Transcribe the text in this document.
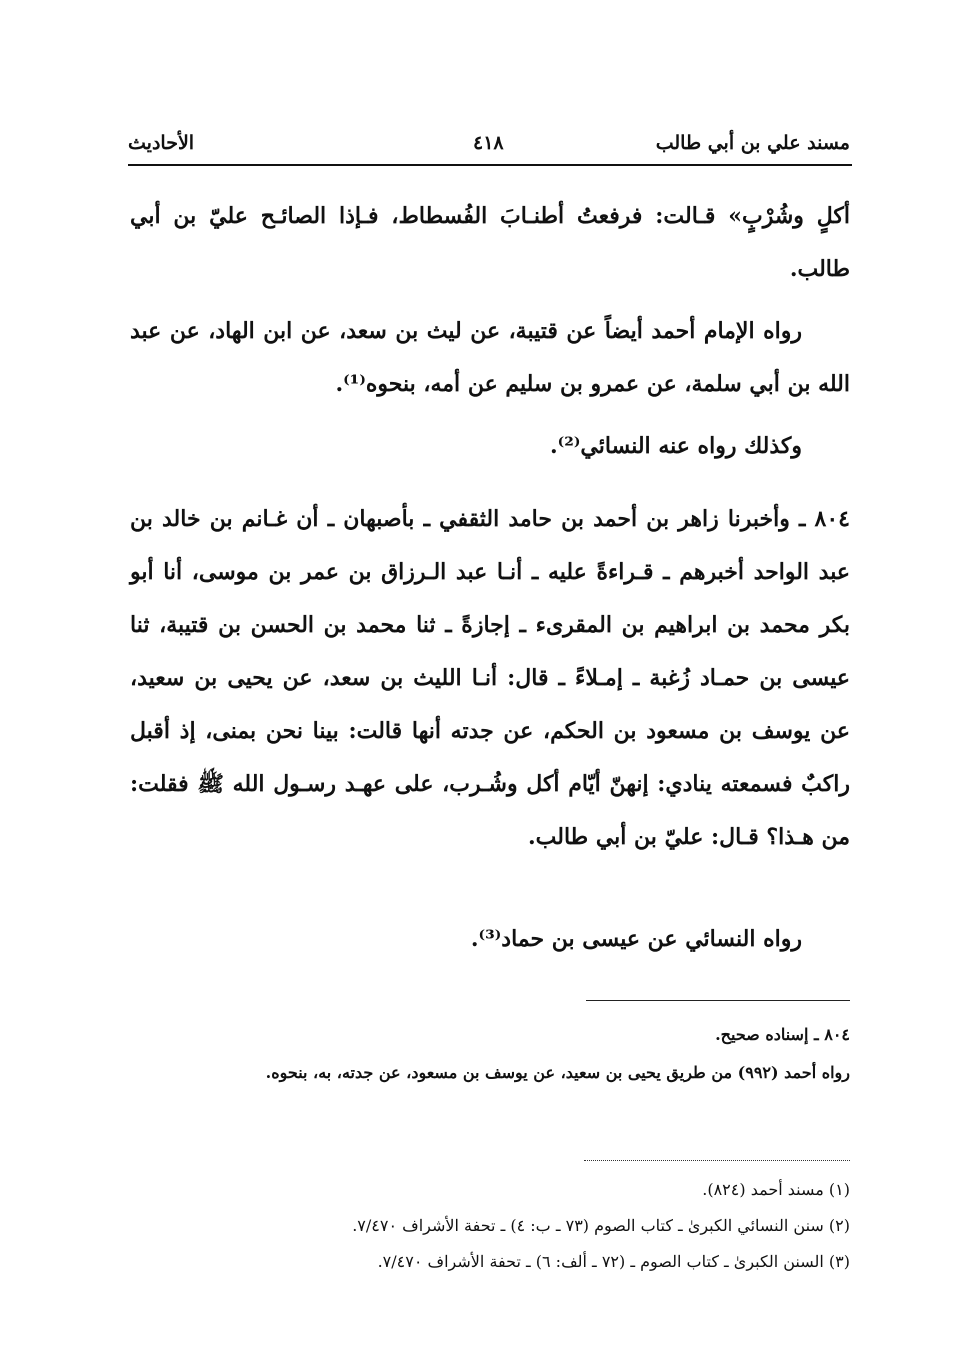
مسند علي بن أبي طالب
٤١٨
الأحاديث
أكلٍ وشُرْبٍ» قـالت: فرفعتُ أطنـابَ الفُسطاط، فـإذا الصائـح عليّ بن أبي طالب.
رواه الإمام أحمد أيضاً عن قتيبة، عن ليث بن سعد، عن ابن الهاد، عن عبد الله بن أبي سلمة، عن عمرو بن سليم عن أمه، بنحوه⁽¹⁾.
وكذلك رواه عنه النسائي⁽²⁾.
٨٠٤ ـ وأخبرنا زاهر بن أحمد بن حامد الثقفي ـ بأصبهان ـ أن غـانم بن خالد بن عبد الواحد أخبرهم ـ قـراءةً عليه ـ أنـا عبد الـرزاق بن عمر بن موسى، أنا أبو بكر محمد بن ابراهيم بن المقرىء ـ إجازةً ـ ثنا محمد بن الحسن بن قتيبة، ثنا عيسى بن حمـاد زُغبة ـ إمـلاءً ـ قال: أنـا الليث بن سعد، عن يحيى بن سعيد، عن يوسف بن مسعود بن الحكم، عن جدته أنها قالت: بينا نحن بمنى، إذ أقبل راكبٌ فسمعته ينادي: إنهنّ أيّام أكل وشُـرب، على عهـد رسـول الله ﷺ فقلت: من هـذا؟ قـال: عليّ بن أبي طالب.
رواه النسائي عن عيسى بن حماد⁽³⁾.
٨٠٤ ـ إسناده صحيح.
رواه أحمد (٩٩٢) من طريق يحيى بن سعيد، عن يوسف بن مسعود، عن جدته، به، بنحوه.
(١) مسند أحمد (٨٢٤).
(٢) سنن النسائي الكبرىٰ ـ كتاب الصوم (٧٣ ـ ب: ٤) ـ تحفة الأشراف ٧/٤٧٠.
(٣) السنن الكبرىٰ ـ كتاب الصوم ـ (٧٢ ـ ألف: ٦) ـ تحفة الأشراف ٧/٤٧٠.
